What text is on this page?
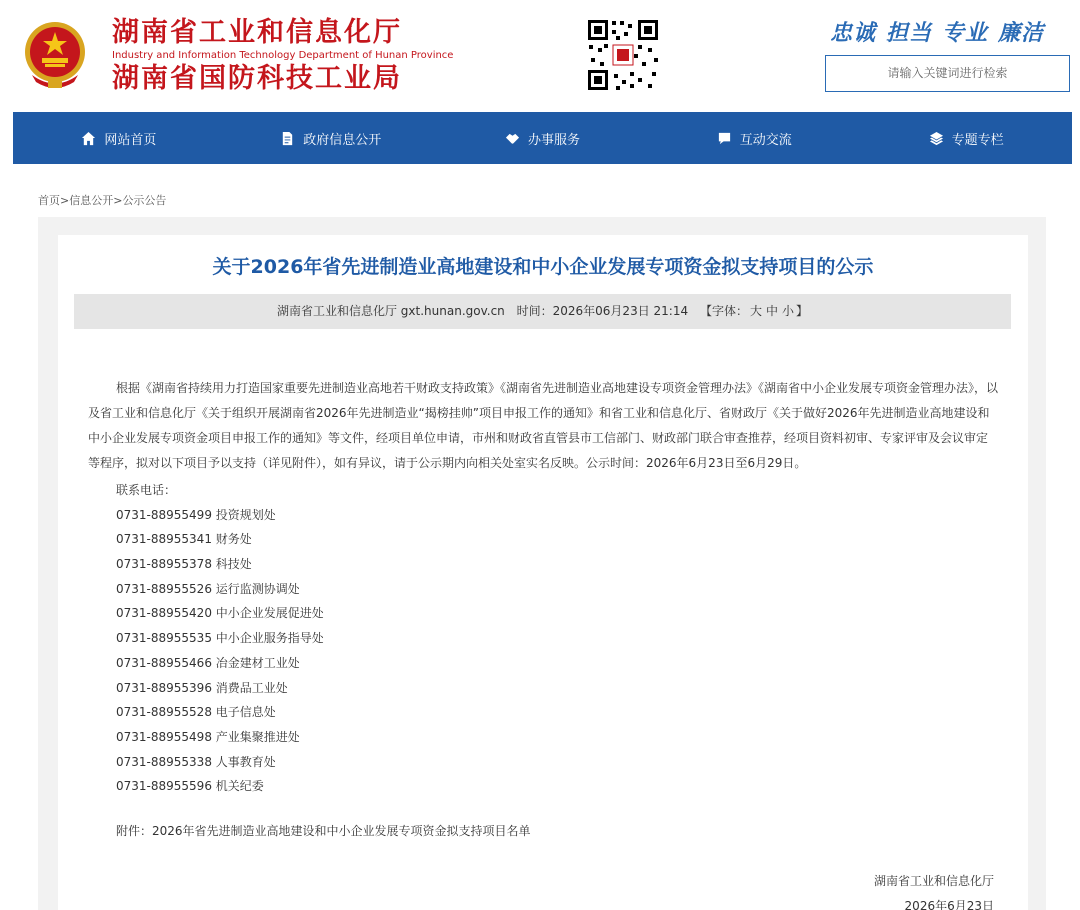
湖南省工业和信息化厅
Industry and Information Technology Department of Hunan Province
湖南省国防科技工业局
忠诚 担当 专业 廉洁
请输入关键词进行检索
网站首页	政府信息公开	办事服务	互动交流	专题专栏
首页>信息公开>公示公告
关于2026年省先进制造业高地建设和中小企业发展专项资金拟支持项目的公示
湖南省工业和信息化厅 gxt.hunan.gov.cn 时间：2026年06月23日 21:14 【字体： 大 中 小 】

根据《湖南省持续用力打造国家重要先进制造业高地若干财政支持政策》《湖南省先进制造业高地建设专项资金管理办法》《湖南省中小企业发展专项资金管理办法》，以及省工业和信息化厅《关于组织开展湖南省2026年先进制造业“揭榜挂帅”项目申报工作的通知》和省工业和信息化厅、省财政厅《关于做好2026年先进制造业高地建设和中小企业发展专项资金项目申报工作的通知》等文件，经项目单位申请，市州和财政省直管县市工信部门、财政部门联合审查推荐，经项目资料初审、专家评审及会议审定等程序，拟对以下项目予以支持（详见附件），如有异议，请于公示期内向相关处室实名反映。公示时间：2026年6月23日至6月29日。

联系电话：
0731-88955499 投资规划处
0731-88955341 财务处
0731-88955378 科技处
0731-88955526 运行监测协调处
0731-88955420 中小企业发展促进处
0731-88955535 中小企业服务指导处
0731-88955466 冶金建材工业处
0731-88955396 消费品工业处
0731-88955528 电子信息处
0731-88955498 产业集聚推进处
0731-88955338 人事教育处
0731-88955596 机关纪委
附件：2026年省先进制造业高地建设和中小企业发展专项资金拟支持项目名单
湖南省工业和信息化厅
2026年6月23日
